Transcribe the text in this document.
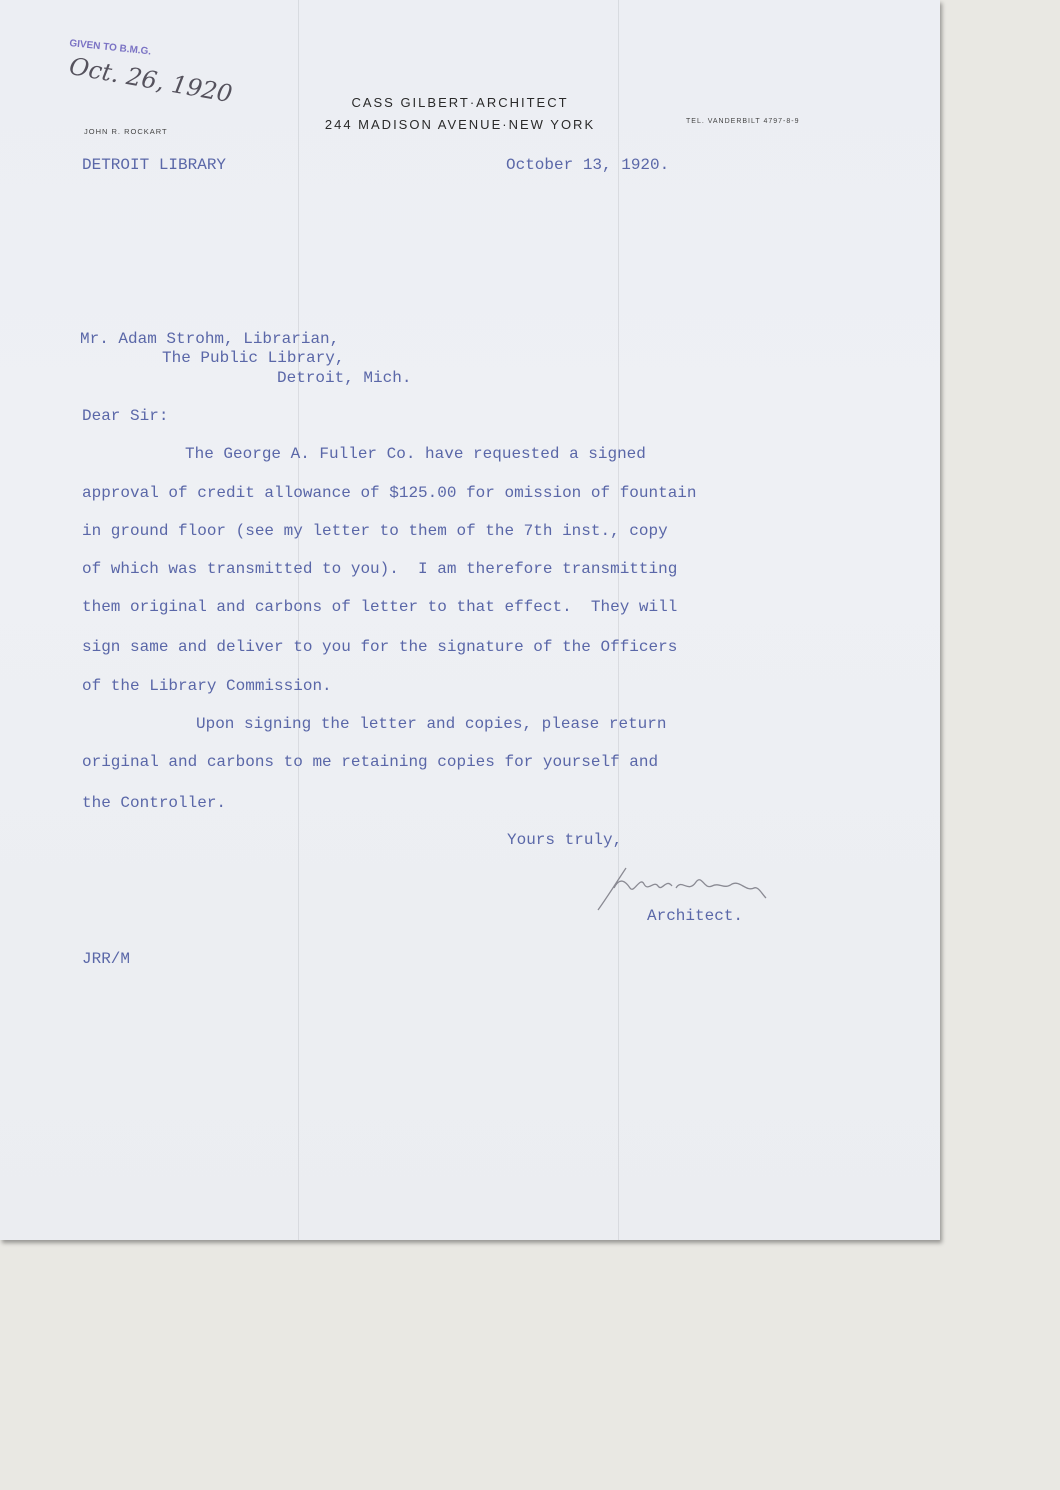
GIVEN TO B.M.G.
Oct. 26, 1920	CASS GILBERT·ARCHITECT
244 MADISON AVENUE·NEW YORK	TEL. VANDERBILT 4797-8-9
JOHN R. ROCKART
DETROIT LIBRARY	October 13, 1920.
Mr. Adam Strohm, Librarian,
The Public Library,
Detroit, Mich.
Dear Sir:
The George A. Fuller Co. have requested a signed
approval of credit allowance of $125.00 for omission of fountain
in ground floor (see my letter to them of the 7th inst., copy
of which was transmitted to you).  I am therefore transmitting
them original and carbons of letter to that effect.  They will
sign same and deliver to you for the signature of the Officers
of the Library Commission.
Upon signing the letter and copies, please return
original and carbons to me retaining copies for yourself and
the Controller.
Yours truly,
Architect.
JRR/M
